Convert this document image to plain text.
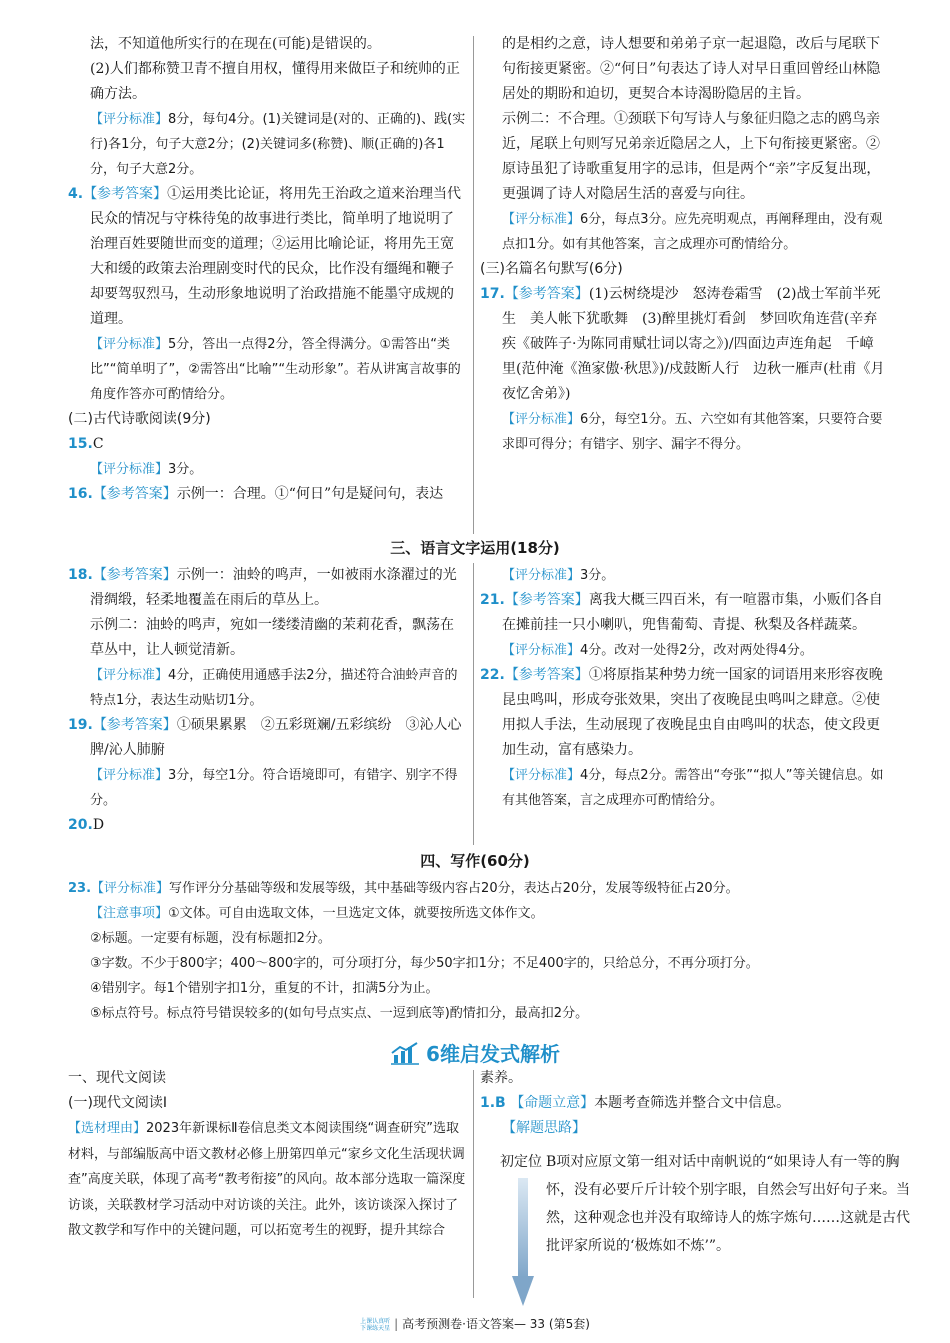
法，不知道他所实行的在现在(可能)是错误的。

(2)人们都称赞卫青不擅自用权，懂得用来做臣子和统帅的正确方法。

【评分标准】8分，每句4分。(1)关键词是(对的、正确的)、践(实行)各1分，句子大意2分；(2)关键词多(称赞)、顺(正确的)各1分，句子大意2分。

4.【参考答案】①运用类比论证，将用先王治政之道来治理当代民众的情况与守株待兔的故事进行类比，简单明了地说明了治理百姓要随世而变的道理；②运用比喻论证，将用先王宽大和缓的政策去治理剧变时代的民众，比作没有缰绳和鞭子却要驾驭烈马，生动形象地说明了治政措施不能墨守成规的道理。

【评分标准】5分，答出一点得2分，答全得满分。①需答出“类比”“简单明了”，②需答出“比喻”“生动形象”。若从讲寓言故事的角度作答亦可酌情给分。

(二)古代诗歌阅读(9分)

15.C

【评分标准】3分。

16.【参考答案】示例一：合理。①“何日”句是疑问句，表达

的是相约之意，诗人想要和弟弟子京一起退隐，改后与尾联下句衔接更紧密。②“何日”句表达了诗人对早日重回曾经山林隐居处的期盼和迫切，更契合本诗渴盼隐居的主旨。

示例二：不合理。①颈联下句写诗人与象征归隐之志的鸥鸟亲近，尾联上句则写兄弟亲近隐居之人，上下句衔接更紧密。②原诗虽犯了诗歌重复用字的忌讳，但是两个“亲”字反复出现，更强调了诗人对隐居生活的喜爱与向往。

【评分标准】6分，每点3分。应先亮明观点，再阐释理由，没有观点扣1分。如有其他答案，言之成理亦可酌情给分。

(三)名篇名句默写(6分)

17.【参考答案】(1)云树绕堤沙　怒涛卷霜雪　(2)战士军前半死生　美人帐下犹歌舞　(3)醉里挑灯看剑　梦回吹角连营(辛弃疾《破阵子·为陈同甫赋壮词以寄之》)/四面边声连角起　千嶂里(范仲淹《渔家傲·秋思》)/戍鼓断人行　边秋一雁声(杜甫《月夜忆舍弟》)

【评分标准】6分，每空1分。五、六空如有其他答案，只要符合要求即可得分；有错字、别字、漏字不得分。

三、语言文字运用(18分)

18.【参考答案】示例一：油蛉的鸣声，一如被雨水涤濯过的光滑绸缎，轻柔地覆盖在雨后的草丛上。

示例二：油蛉的鸣声，宛如一缕缕清幽的茉莉花香，飘荡在草丛中，让人顿觉清新。

【评分标准】4分，正确使用通感手法2分，描述符合油蛉声音的特点1分，表达生动贴切1分。

19.【参考答案】①硕果累累　②五彩斑斓/五彩缤纷　③沁人心脾/沁人肺腑

【评分标准】3分，每空1分。符合语境即可，有错字、别字不得分。

20.D

【评分标准】3分。

21.【参考答案】离我大概三四百米，有一喧嚣市集，小贩们各自在摊前挂一只小喇叭，兜售葡萄、青提、秋梨及各样蔬菜。

【评分标准】4分。改对一处得2分，改对两处得4分。

22.【参考答案】①将原指某种势力统一国家的词语用来形容夜晚昆虫鸣叫，形成夸张效果，突出了夜晚昆虫鸣叫之肆意。②使用拟人手法，生动展现了夜晚昆虫自由鸣叫的状态，使文段更加生动，富有感染力。

【评分标准】4分，每点2分。需答出“夸张”“拟人”等关键信息。如有其他答案，言之成理亦可酌情给分。

四、写作(60分)

23.【评分标准】写作评分分基础等级和发展等级，其中基础等级内容占20分，表达占20分，发展等级特征占20分。

【注意事项】①文体。可自由选取文体，一旦选定文体，就要按所选文体作文。

②标题。一定要有标题，没有标题扣2分。

③字数。不少于800字；400～800字的，可分项打分，每少50字扣1分；不足400字的，只给总分，不再分项打分。

④错别字。每1个错别字扣1分，重复的不计，扣满5分为止。

⑤标点符号。标点符号错误较多的(如句号点实点、一逗到底等)酌情扣分，最高扣2分。

6维启发式解析

一、现代文阅读

(一)现代文阅读Ⅰ

【选材理由】2023年新课标Ⅱ卷信息类文本阅读围绕“调查研究”选取材料，与部编版高中语文教材必修上册第四单元“家乡文化生活现状调查”高度关联，体现了高考“教考衔接”的风向。故本部分选取一篇深度访谈，关联教材学习活动中对访谈的关注。此外，该访谈深入探讨了散文教学和写作中的关键问题，可以拓宽考生的视野，提升其综合

素养。

1.B 【命题立意】本题考查筛选并整合文中信息。

【解题思路】

初定位 B项对应原文第一组对话中南帆说的“如果诗人有一等的胸怀，没有必要斤斤计较个别字眼，自然会写出好句子来。当然，这种观念也并没有取缔诗人的炼字炼句……这就是古代批评家所说的‘极炼如不炼’”。
上课认真听
下课练天星 | 高考预测卷·语文答案— 33 (第5套)
